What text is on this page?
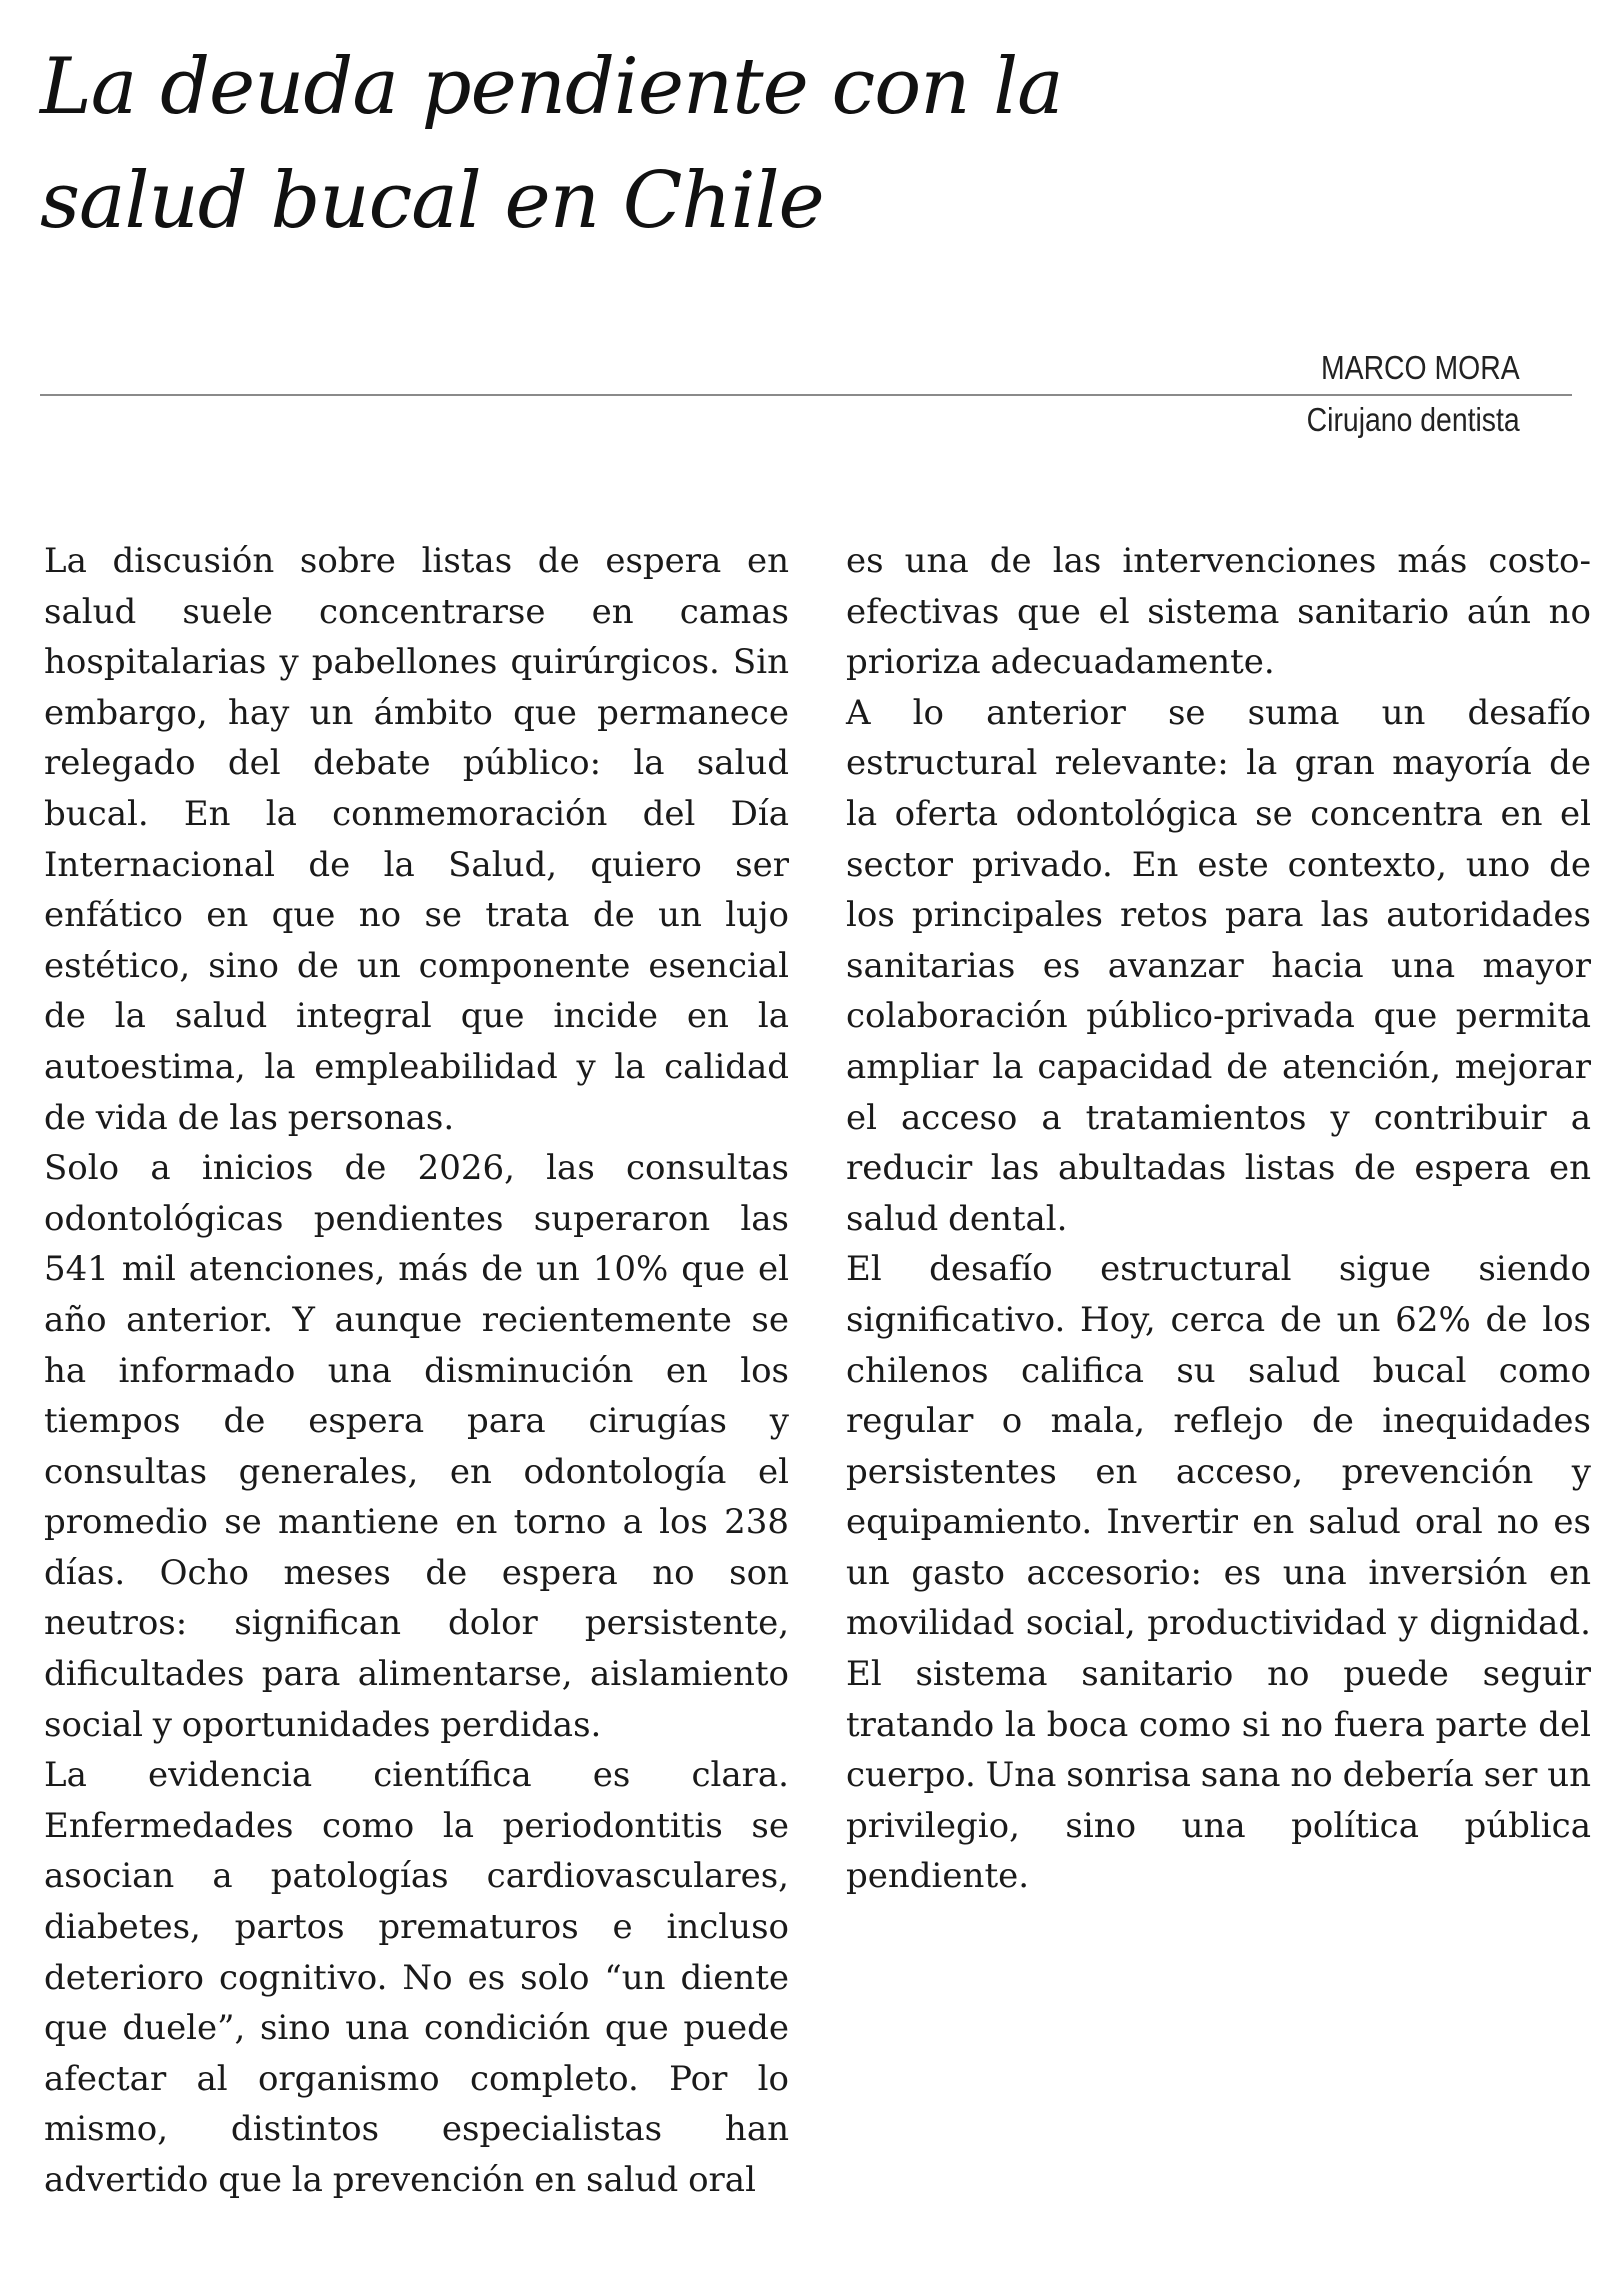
La deuda pendiente con la salud bucal en Chile
MARCO MORA
Cirujano dentista

La discusión sobre listas de espera en salud suele concentrarse en camas hospitalarias y pabellones quirúrgicos. Sin embargo, hay un ámbito que permanece relegado del debate público: la salud bucal. En la conmemoración del Día Internacional de la Salud, quiero ser enfático en que no se trata de un lujo estético, sino de un componente esencial de la salud integral que incide en la autoestima, la empleabilidad y la calidad de vida de las personas.

Solo a inicios de 2026, las consultas odontológicas pendientes superaron las 541 mil atenciones, más de un 10% que el año anterior. Y aunque recientemente se ha informado una disminución en los tiempos de espera para cirugías y consultas generales, en odontología el promedio se mantiene en torno a los 238 días. Ocho meses de espera no son neutros: significan dolor persistente, dificultades para alimentarse, aislamiento social y oportunidades perdidas.

La evidencia científica es clara. Enfermedades como la periodontitis se asocian a patologías cardiovasculares, diabetes, partos prematuros e incluso deterioro cognitivo. No es solo “un diente que duele”, sino una condición que puede afectar al organismo completo. Por lo mismo, distintos especialistas han advertido que la prevención en salud oral

es una de las intervenciones más costo-efectivas que el sistema sanitario aún no prioriza adecuadamente.

A lo anterior se suma un desafío estructural relevante: la gran mayoría de la oferta odontológica se concentra en el sector privado. En este contexto, uno de los principales retos para las autoridades sanitarias es avanzar hacia una mayor colaboración público-privada que permita ampliar la capacidad de atención, mejorar el acceso a tratamientos y contribuir a reducir las abultadas listas de espera en salud dental.

El desafío estructural sigue siendo significativo. Hoy, cerca de un 62% de los chilenos califica su salud bucal como regular o mala, reflejo de inequidades persistentes en acceso, prevención y equipamiento. Invertir en salud oral no es un gasto accesorio: es una inversión en movilidad social, productividad y dignidad. El sistema sanitario no puede seguir tratando la boca como si no fuera parte del cuerpo. Una sonrisa sana no debería ser un privilegio, sino una política pública pendiente.
